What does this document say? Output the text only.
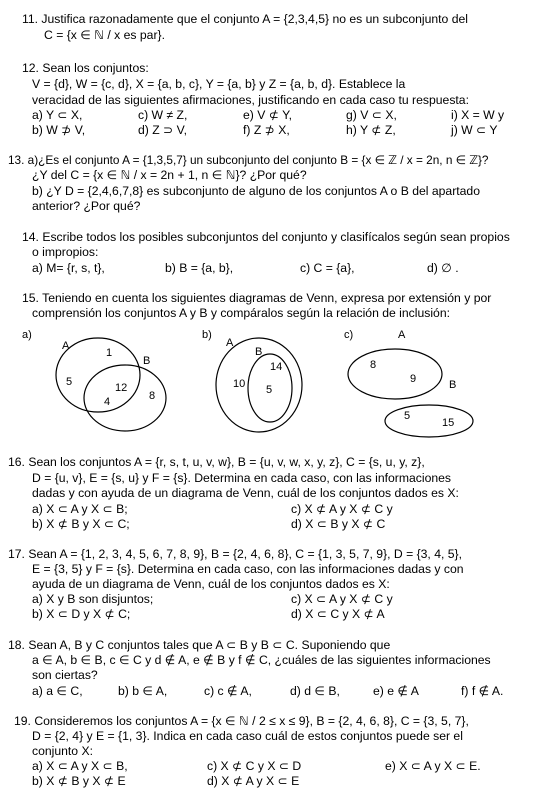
11. Justifica razonadamente que el conjunto A = {2,3,4,5} no es un subconjunto del
C = {x ∈ ℕ / x es par}.
12. Sean los conjuntos:
V = {d}, W = {c, d}, X = {a, b, c}, Y = {a, b} y Z = {a, b, d}. Establece la
veracidad de las siguientes afirmaciones, justificando en cada caso tu respuesta:
a) Y ⊂ X,	c) W ≠ Z,	e) V ⊄ Y,	g) V ⊂ X,	i) X = W y
b) W ⊅ V,	d) Z ⊃ V,	f) Z ⊅ X,	h) Y ⊄ Z,	j) W ⊂ Y
13. a)¿Es el conjunto A = {1,3,5,7} un subconjunto del conjunto B = {x ∈ ℤ / x = 2n, n ∈ ℤ}?
¿Y del C = {x ∈ ℕ / x = 2n + 1, n ∈ ℕ}? ¿Por qué?
b) ¿Y D = {2,4,6,7,8} es subconjunto de alguno de los conjuntos A o B del apartado
anterior? ¿Por qué?
14. Escribe todos los posibles subconjuntos del conjunto y clasifícalos según sean propios
o impropios:
a) M= {r, s, t},	b) B = {a, b},	c) C = {a},	d) ∅ .
15. Teniendo en cuenta los siguientes diagramas de Venn, expresa por extensión y por
comprensión los conjuntos A y B y compáralos según la relación de inclusión:
a)
A
B
1
5	12
8
4
b)
A
B
14
10 5
c)	A
B
8
9
5
15
16. Sean los conjuntos A = {r, s, t, u, v, w}, B = {u, v, w, x, y, z}, C = {s, u, y, z},
D = {u, v}, E = {s, u} y F = {s}. Determina en cada caso, con las informaciones
dadas y con ayuda de un diagrama de Venn, cuál de los conjuntos dados es X:
a) X ⊂ A y X ⊂ B;	c) X ⊄ A y X ⊄ C y
b) X ⊄ B y X ⊂ C;	d) X ⊂ B y X ⊄ C
17. Sean A = {1, 2, 3, 4, 5, 6, 7, 8, 9}, B = {2, 4, 6, 8}, C = {1, 3, 5, 7, 9}, D = {3, 4, 5},
E = {3, 5} y F = {s}. Determina en cada caso, con las informaciones dadas y con
ayuda de un diagrama de Venn, cuál de los conjuntos dados es X:
a) X y B son disjuntos;	c) X ⊂ A y X ⊄ C y
b) X ⊂ D y X ⊄ C;	d) X ⊂ C y X ⊄ A
18. Sean A, B y C conjuntos tales que A ⊂ B y B ⊂ C. Suponiendo que
a ∈ A, b ∈ B, c ∈ C y d ∉ A, e ∉ B y f ∉ C, ¿cuáles de las siguientes informaciones
son ciertas?
a) a ∈ C,	b) b ∈ A,	c) c ∉ A,	d) d ∈ B,	e) e ∉ A	f) f ∉ A.
19. Consideremos los conjuntos A = {x ∈ ℕ / 2 ≤ x ≤ 9}, B = {2, 4, 6, 8}, C = {3, 5, 7},
D = {2, 4} y E = {1, 3}. Indica en cada caso cuál de estos conjuntos puede ser el
conjunto X:
a) X ⊂ A y X ⊂ B,	c) X ⊄ C y X ⊂ D	e) X ⊂ A y X ⊂ E.
b) X ⊄ B y X ⊄ E	d) X ⊄ A y X ⊂ E
